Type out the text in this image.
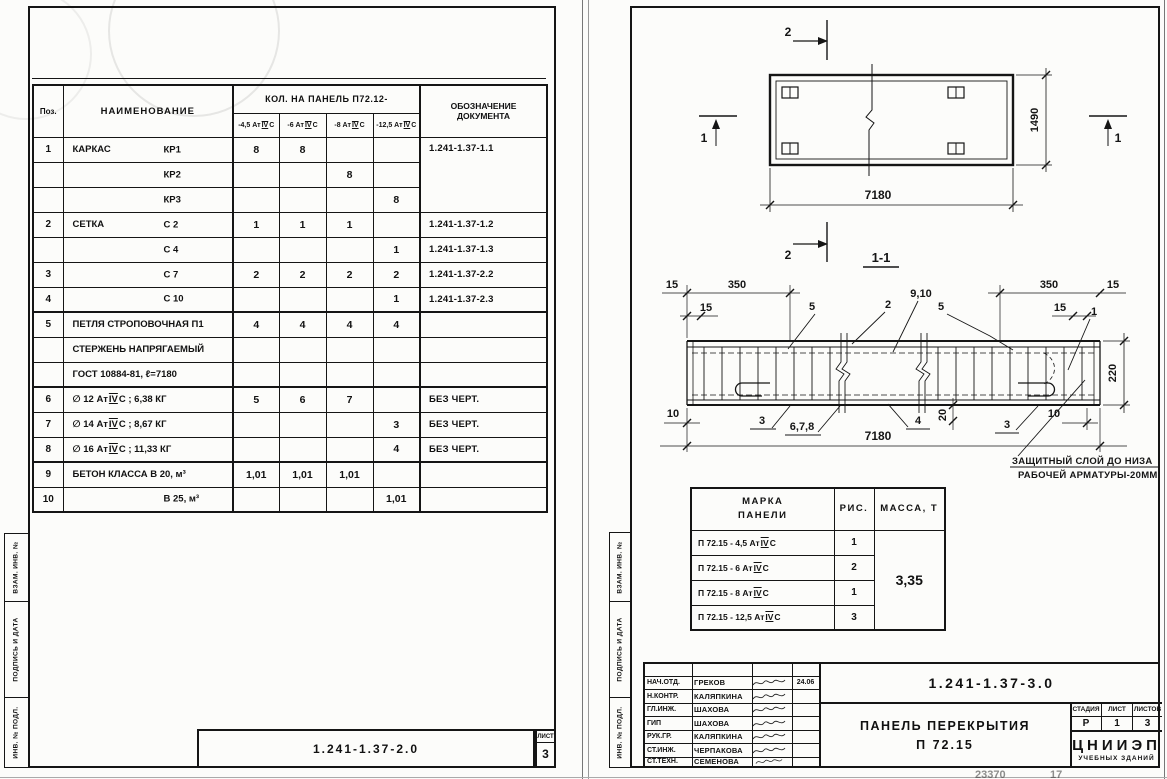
ВЗАМ. ИНВ. №
ПОДПИСЬ И ДАТА
ИНВ. № ПОДЛ.
Поз.	НАИМЕНОВАНИЕ	КОЛ. НА ПАНЕЛЬ П72.12-				ОБОЗНАЧЕНИЕ
ДОКУМЕНТА

		-4,5 АтIVС	-6 АтIVС	-8 АтIVС	-12,5 АтIVС	
1	КАРКАС КР1	8	8			1.241-1.37-1.1

	КР2			8		

	КР3				8	
2	СЕТКА С 2	1	1	1		1.241-1.37-1.2

	С 4				1	1.241-1.37-1.3
3	С 7	2	2	2	2	1.241-1.37-2.2
4	С 10				1	1.241-1.37-2.3
5	ПЕТЛЯ СТРОПОВОЧНАЯ П1	4	4	4	4	
	СТЕРЖЕНЬ НАПРЯГАЕМЫЙ					
	ГОСТ 10884-81, ℓ=7180					
6	∅ 12 АтIVС ; 6,38 КГ	5	6	7		БЕЗ ЧЕРТ.
7	∅ 14 АтIVС ; 8,67 КГ				3	БЕЗ ЧЕРТ.
8	∅ 16 АтIVС ; 11,33 КГ				4	БЕЗ ЧЕРТ.
9	БЕТОН КЛАССА В 20, м³	1,01	1,01	1,01		
10	В 25, м³				1,01	
1.241-1.37-2.0
ЛИСТ
3
ВЗАМ. ИНВ. №
ПОДПИСЬ И ДАТА
ИНВ. № ПОДЛ.
2
2
1	1
1490
7180
1-1
15	350	350	15
15	15
5	2
9,10
5	1
10
3 6,7,8	4 20
3
10
7180
220
ЗАЩИТНЫЙ СЛОЙ ДО НИЗА
РАБОЧЕЙ АРМАТУРЫ-20ММ
МАРКА
ПАНЕЛИ	РИС.	МАССА, Т
П 72.15 - 4,5 АтIVС	1	3,35
П 72.15 - 6 АтIVС	2	
П 72.15 - 8 АтIVС	1	
П 72.15 - 12,5 АтIVС	3	
НАЧ.ОТД.	ГРЕКОВ	24.06
Н.КОНТР.	КАЛЯПКИНА
ГЛ.ИНЖ.	ШАХОВА
ГИП	ШАХОВА
РУК.ГР.	КАЛЯПКИНА
СТ.ИНЖ.	ЧЕРПАКОВА
СТ.ТЕХН.	СЕМЕНОВА
1.241-1.37-3.0
ПАНЕЛЬ ПЕРЕКРЫТИЯ
П 72.15
СТАДИЯ	ЛИСТ	ЛИСТОВ
Р	1	3
ЦНИИЭП
УЧЕБНЫХ ЗДАНИЙ
23370	17
